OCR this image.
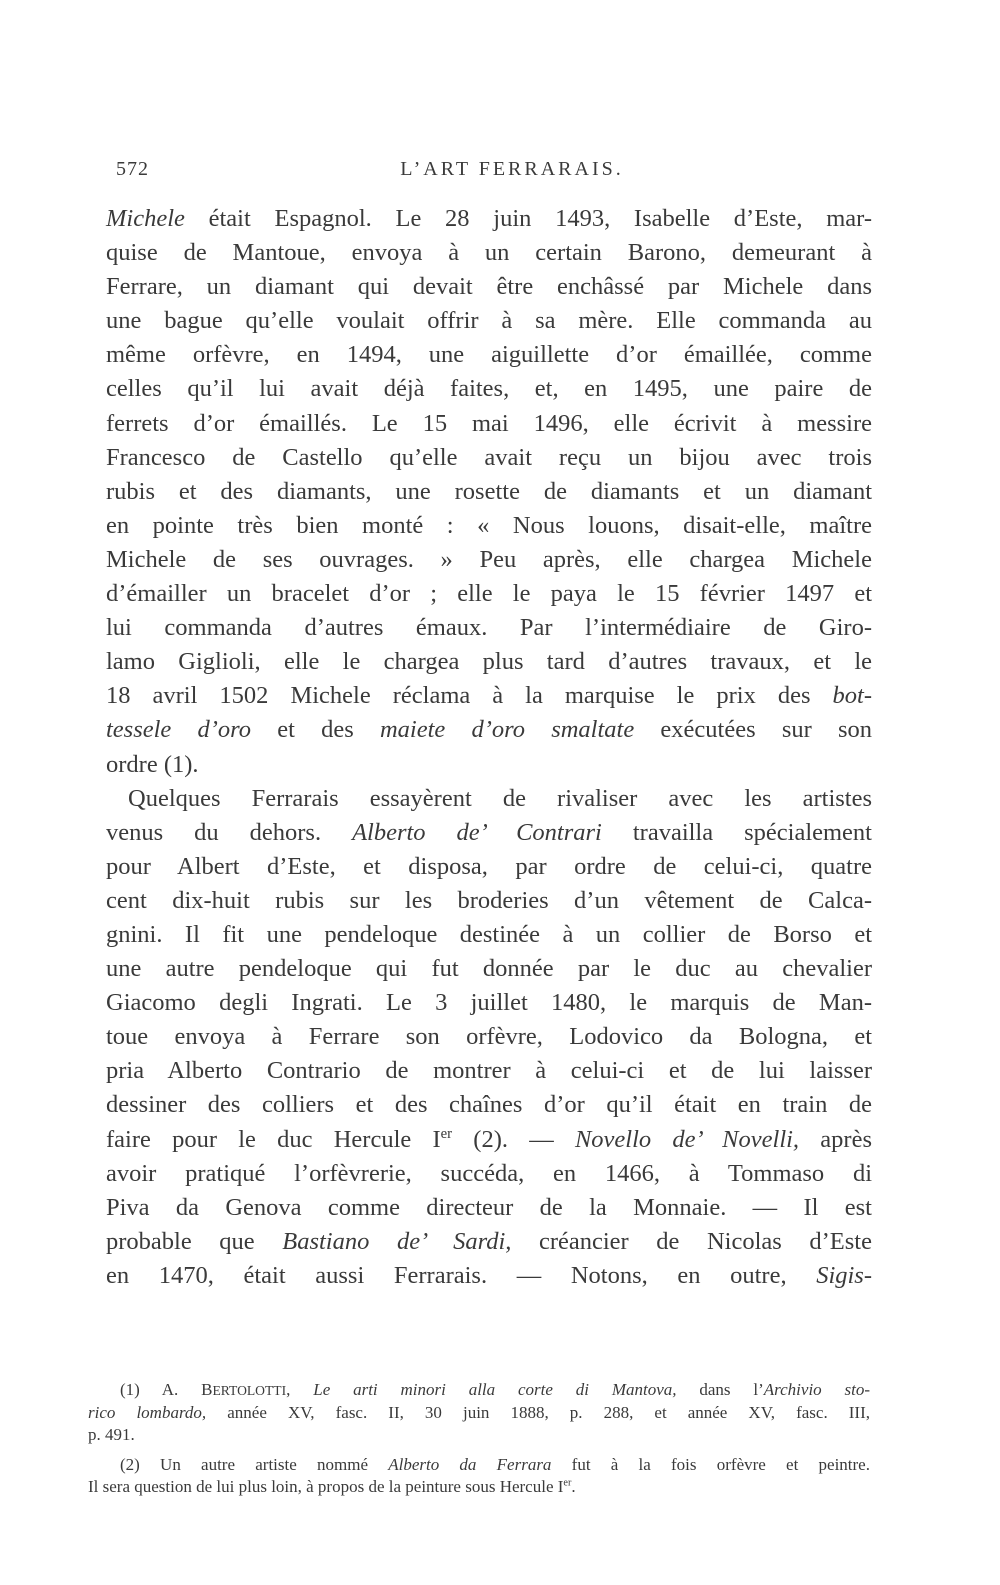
572	L’ART FERRARAIS.
Michele était Espagnol. Le 28 juin 1493, Isabelle d’Este, mar-
quise de Mantoue, envoya à un certain Barono, demeurant à
Ferrare, un diamant qui devait être enchâssé par Michele dans
une bague qu’elle voulait offrir à sa mère. Elle commanda au
même orfèvre, en 1494, une aiguillette d’or émaillée, comme
celles qu’il lui avait déjà faites, et, en 1495, une paire de
ferrets d’or émaillés. Le 15 mai 1496, elle écrivit à messire
Francesco de Castello qu’elle avait reçu un bijou avec trois
rubis et des diamants, une rosette de diamants et un diamant
en pointe très bien monté : « Nous louons, disait-elle, maître
Michele de ses ouvrages. » Peu après, elle chargea Michele
d’émailler un bracelet d’or ; elle le paya le 15 février 1497 et
lui commanda d’autres émaux. Par l’intermédiaire de Giro-
lamo Giglioli, elle le chargea plus tard d’autres travaux, et le
18 avril 1502 Michele réclama à la marquise le prix des bot-
tessele d’oro et des maiete d’oro smaltate exécutées sur son
ordre (1).
Quelques Ferrarais essayèrent de rivaliser avec les artistes
venus du dehors. Alberto de’ Contrari travailla spécialement
pour Albert d’Este, et disposa, par ordre de celui-ci, quatre
cent dix-huit rubis sur les broderies d’un vêtement de Calca-
gnini. Il fit une pendeloque destinée à un collier de Borso et
une autre pendeloque qui fut donnée par le duc au chevalier
Giacomo degli Ingrati. Le 3 juillet 1480, le marquis de Man-
toue envoya à Ferrare son orfèvre, Lodovico da Bologna, et
pria Alberto Contrario de montrer à celui-ci et de lui laisser
dessiner des colliers et des chaînes d’or qu’il était en train de
faire pour le duc Hercule Ier (2). — Novello de’ Novelli, après
avoir pratiqué l’orfèvrerie, succéda, en 1466, à Tommaso di
Piva da Genova comme directeur de la Monnaie. — Il est
probable que Bastiano de’ Sardi, créancier de Nicolas d’Este
en 1470, était aussi Ferrarais. — Notons, en outre, Sigis-
(1) A. BERTOLOTTI, Le arti minori alla corte di Mantova, dans l’Archivio sto-
rico lombardo, année XV, fasc. II, 30 juin 1888, p. 288, et année XV, fasc. III,
p. 491.
(2) Un autre artiste nommé Alberto da Ferrara fut à la fois orfèvre et peintre.
Il sera question de lui plus loin, à propos de la peinture sous Hercule Ier.
